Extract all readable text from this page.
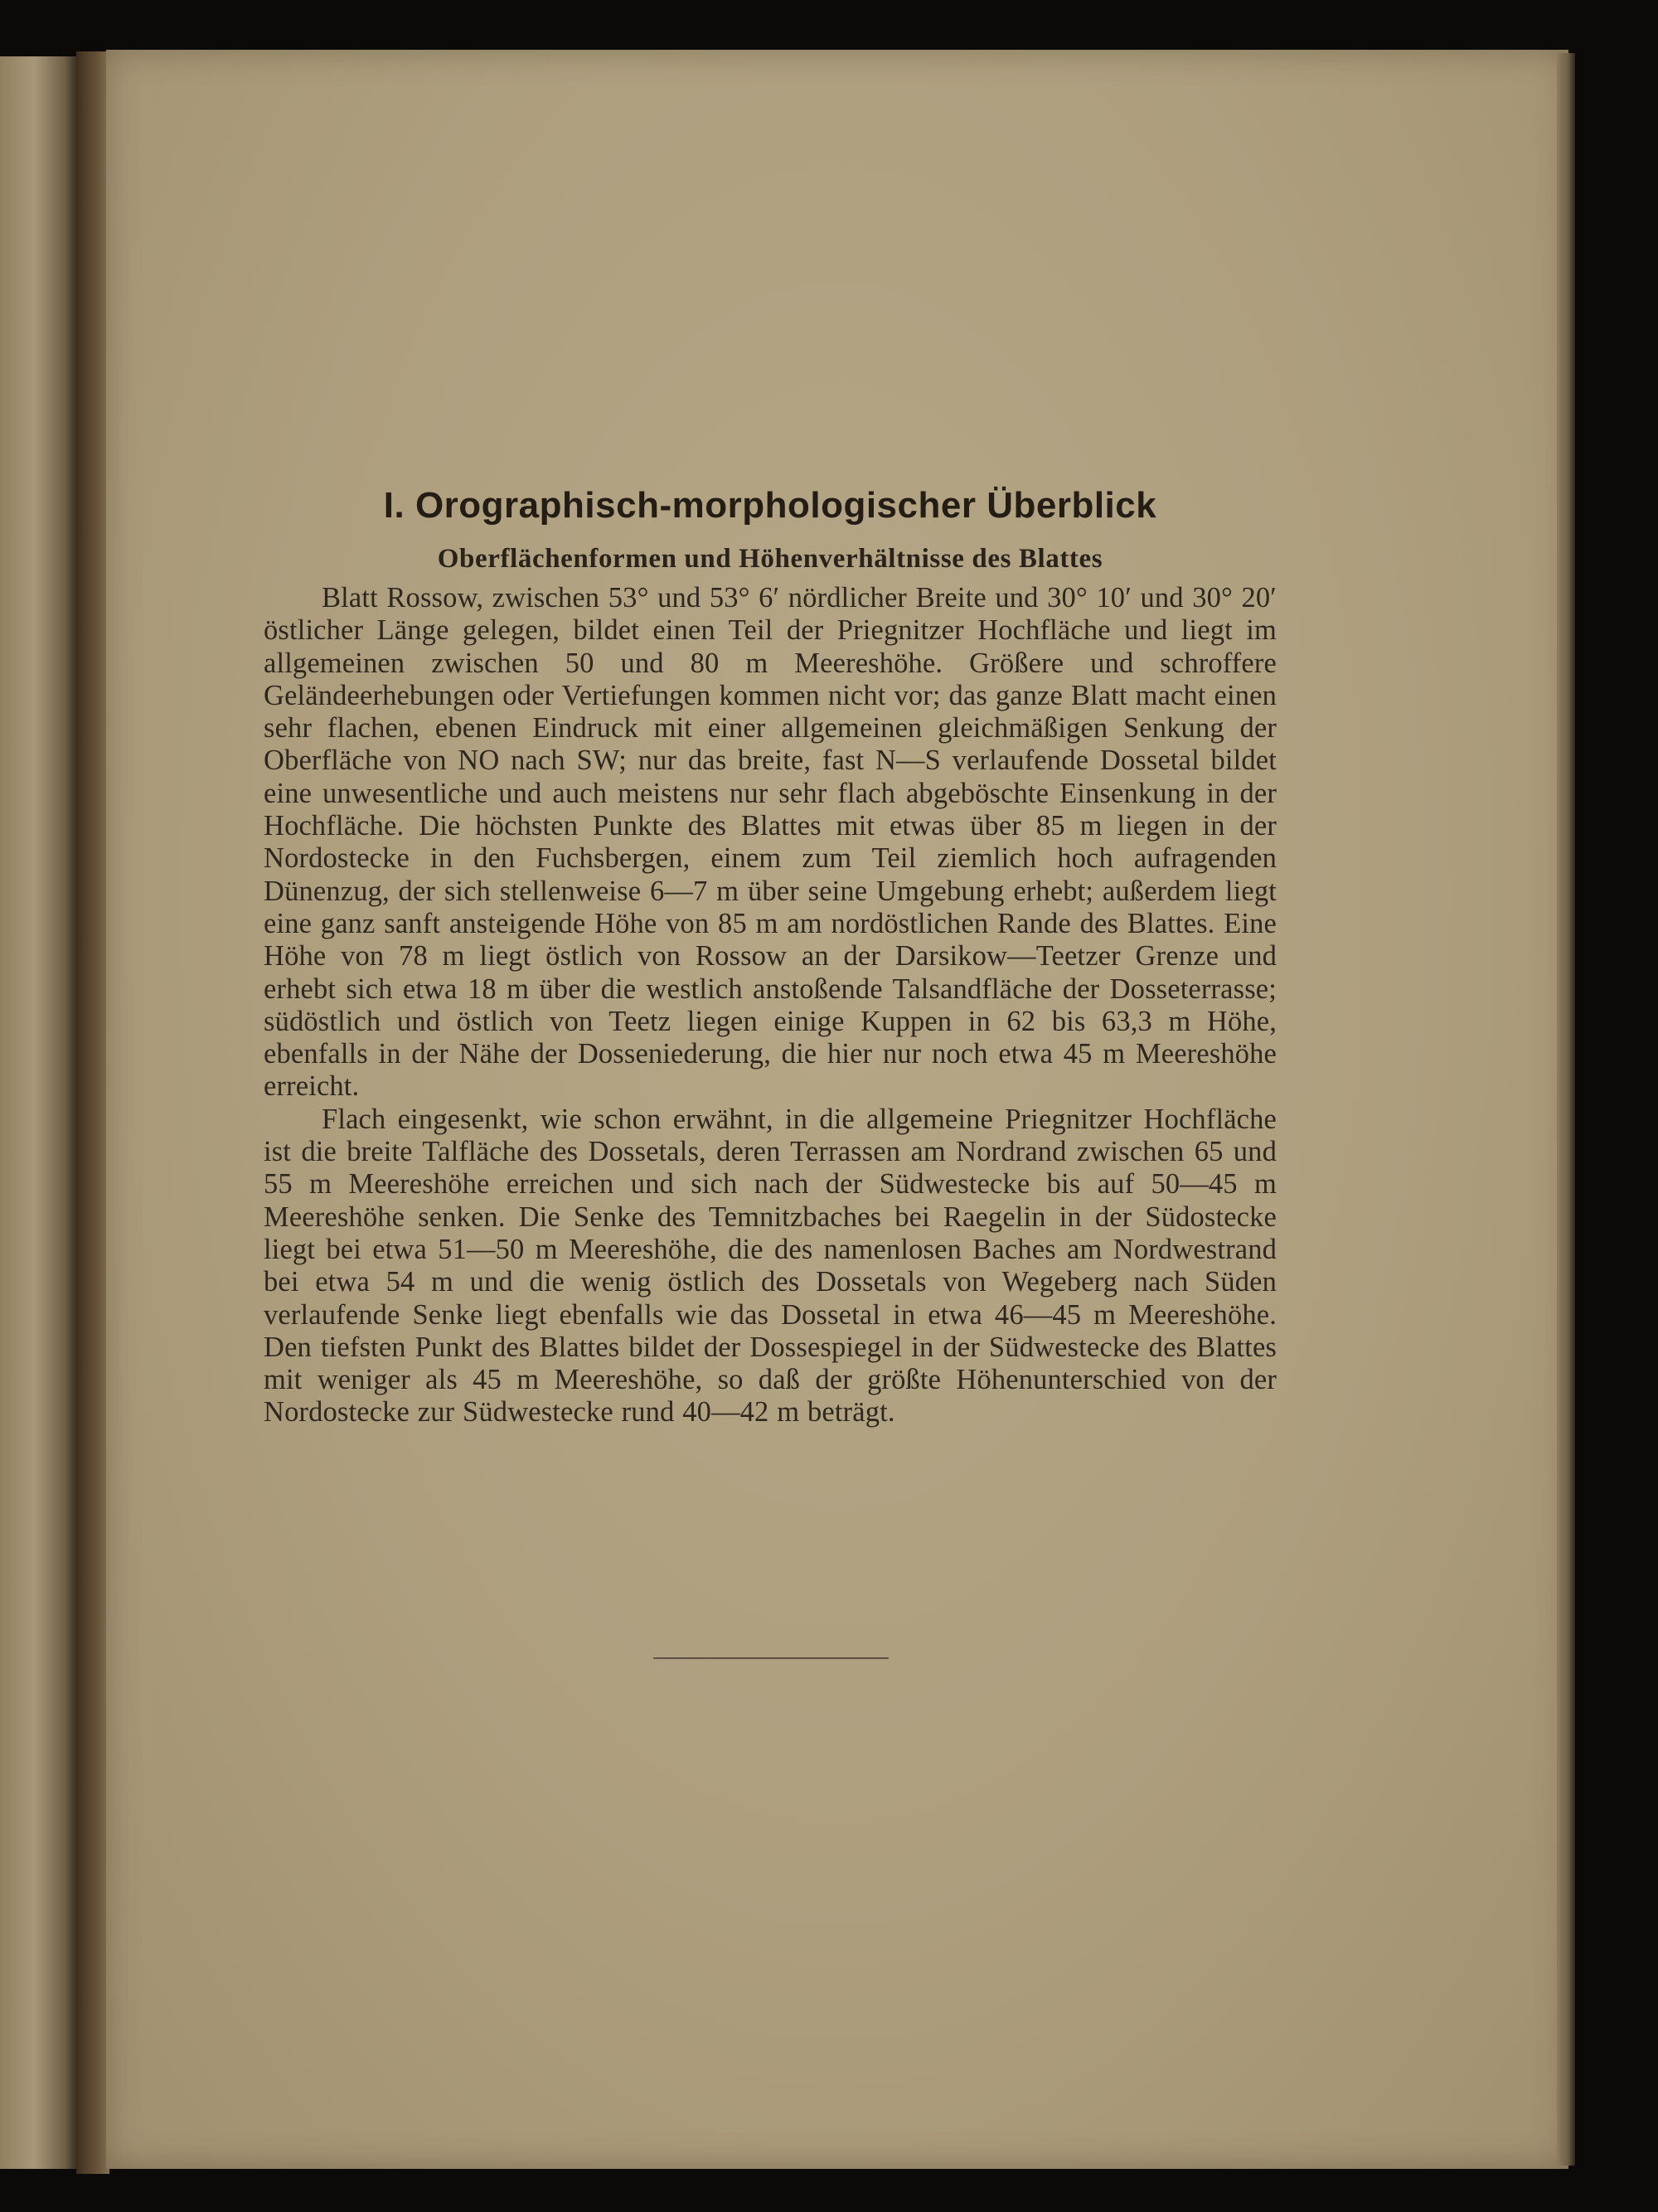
I. Orographisch-morphologischer Überblick
Oberflächenformen und Höhenverhältnisse des Blattes

Blatt Rossow, zwischen 53° und 53° 6′ nördlicher Breite und 30° 10′ und 30° 20′ östlicher Länge gelegen, bildet einen Teil der Priegnitzer Hochfläche und liegt im allgemeinen zwischen 50 und 80 m Meereshöhe. Größere und schroffere Geländeerhebungen oder Vertiefungen kommen nicht vor; das ganze Blatt macht einen sehr flachen, ebenen Eindruck mit einer allgemeinen gleichmäßigen Senkung der Oberfläche von NO nach SW; nur das breite, fast N—S verlaufende Dossetal bildet eine unwesentliche und auch meistens nur sehr flach abgeböschte Einsenkung in der Hochfläche. Die höchsten Punkte des Blattes mit etwas über 85 m liegen in der Nordostecke in den Fuchsbergen, einem zum Teil ziemlich hoch aufragenden Dünenzug, der sich stellenweise 6—7 m über seine Umgebung erhebt; außerdem liegt eine ganz sanft ansteigende Höhe von 85 m am nordöstlichen Rande des Blattes. Eine Höhe von 78 m liegt östlich von Rossow an der Darsikow—Teetzer Grenze und erhebt sich etwa 18 m über die westlich anstoßende Talsandfläche der Dosseterrasse; südöstlich und östlich von Teetz liegen einige Kuppen in 62 bis 63,3 m Höhe, ebenfalls in der Nähe der Dosseniederung, die hier nur noch etwa 45 m Meereshöhe erreicht.

Flach eingesenkt, wie schon erwähnt, in die allgemeine Priegnitzer Hochfläche ist die breite Talfläche des Dossetals, deren Terrassen am Nordrand zwischen 65 und 55 m Meereshöhe erreichen und sich nach der Südwestecke bis auf 50—45 m Meereshöhe senken. Die Senke des Temnitzbaches bei Raegelin in der Südostecke liegt bei etwa 51—50 m Meereshöhe, die des namenlosen Baches am Nordwestrand bei etwa 54 m und die wenig östlich des Dossetals von Wegeberg nach Süden verlaufende Senke liegt ebenfalls wie das Dossetal in etwa 46—45 m Meereshöhe. Den tiefsten Punkt des Blattes bildet der Dossespiegel in der Südwestecke des Blattes mit weniger als 45 m Meereshöhe, so daß der größte Höhenunterschied von der Nordostecke zur Südwestecke rund 40—42 m beträgt.
